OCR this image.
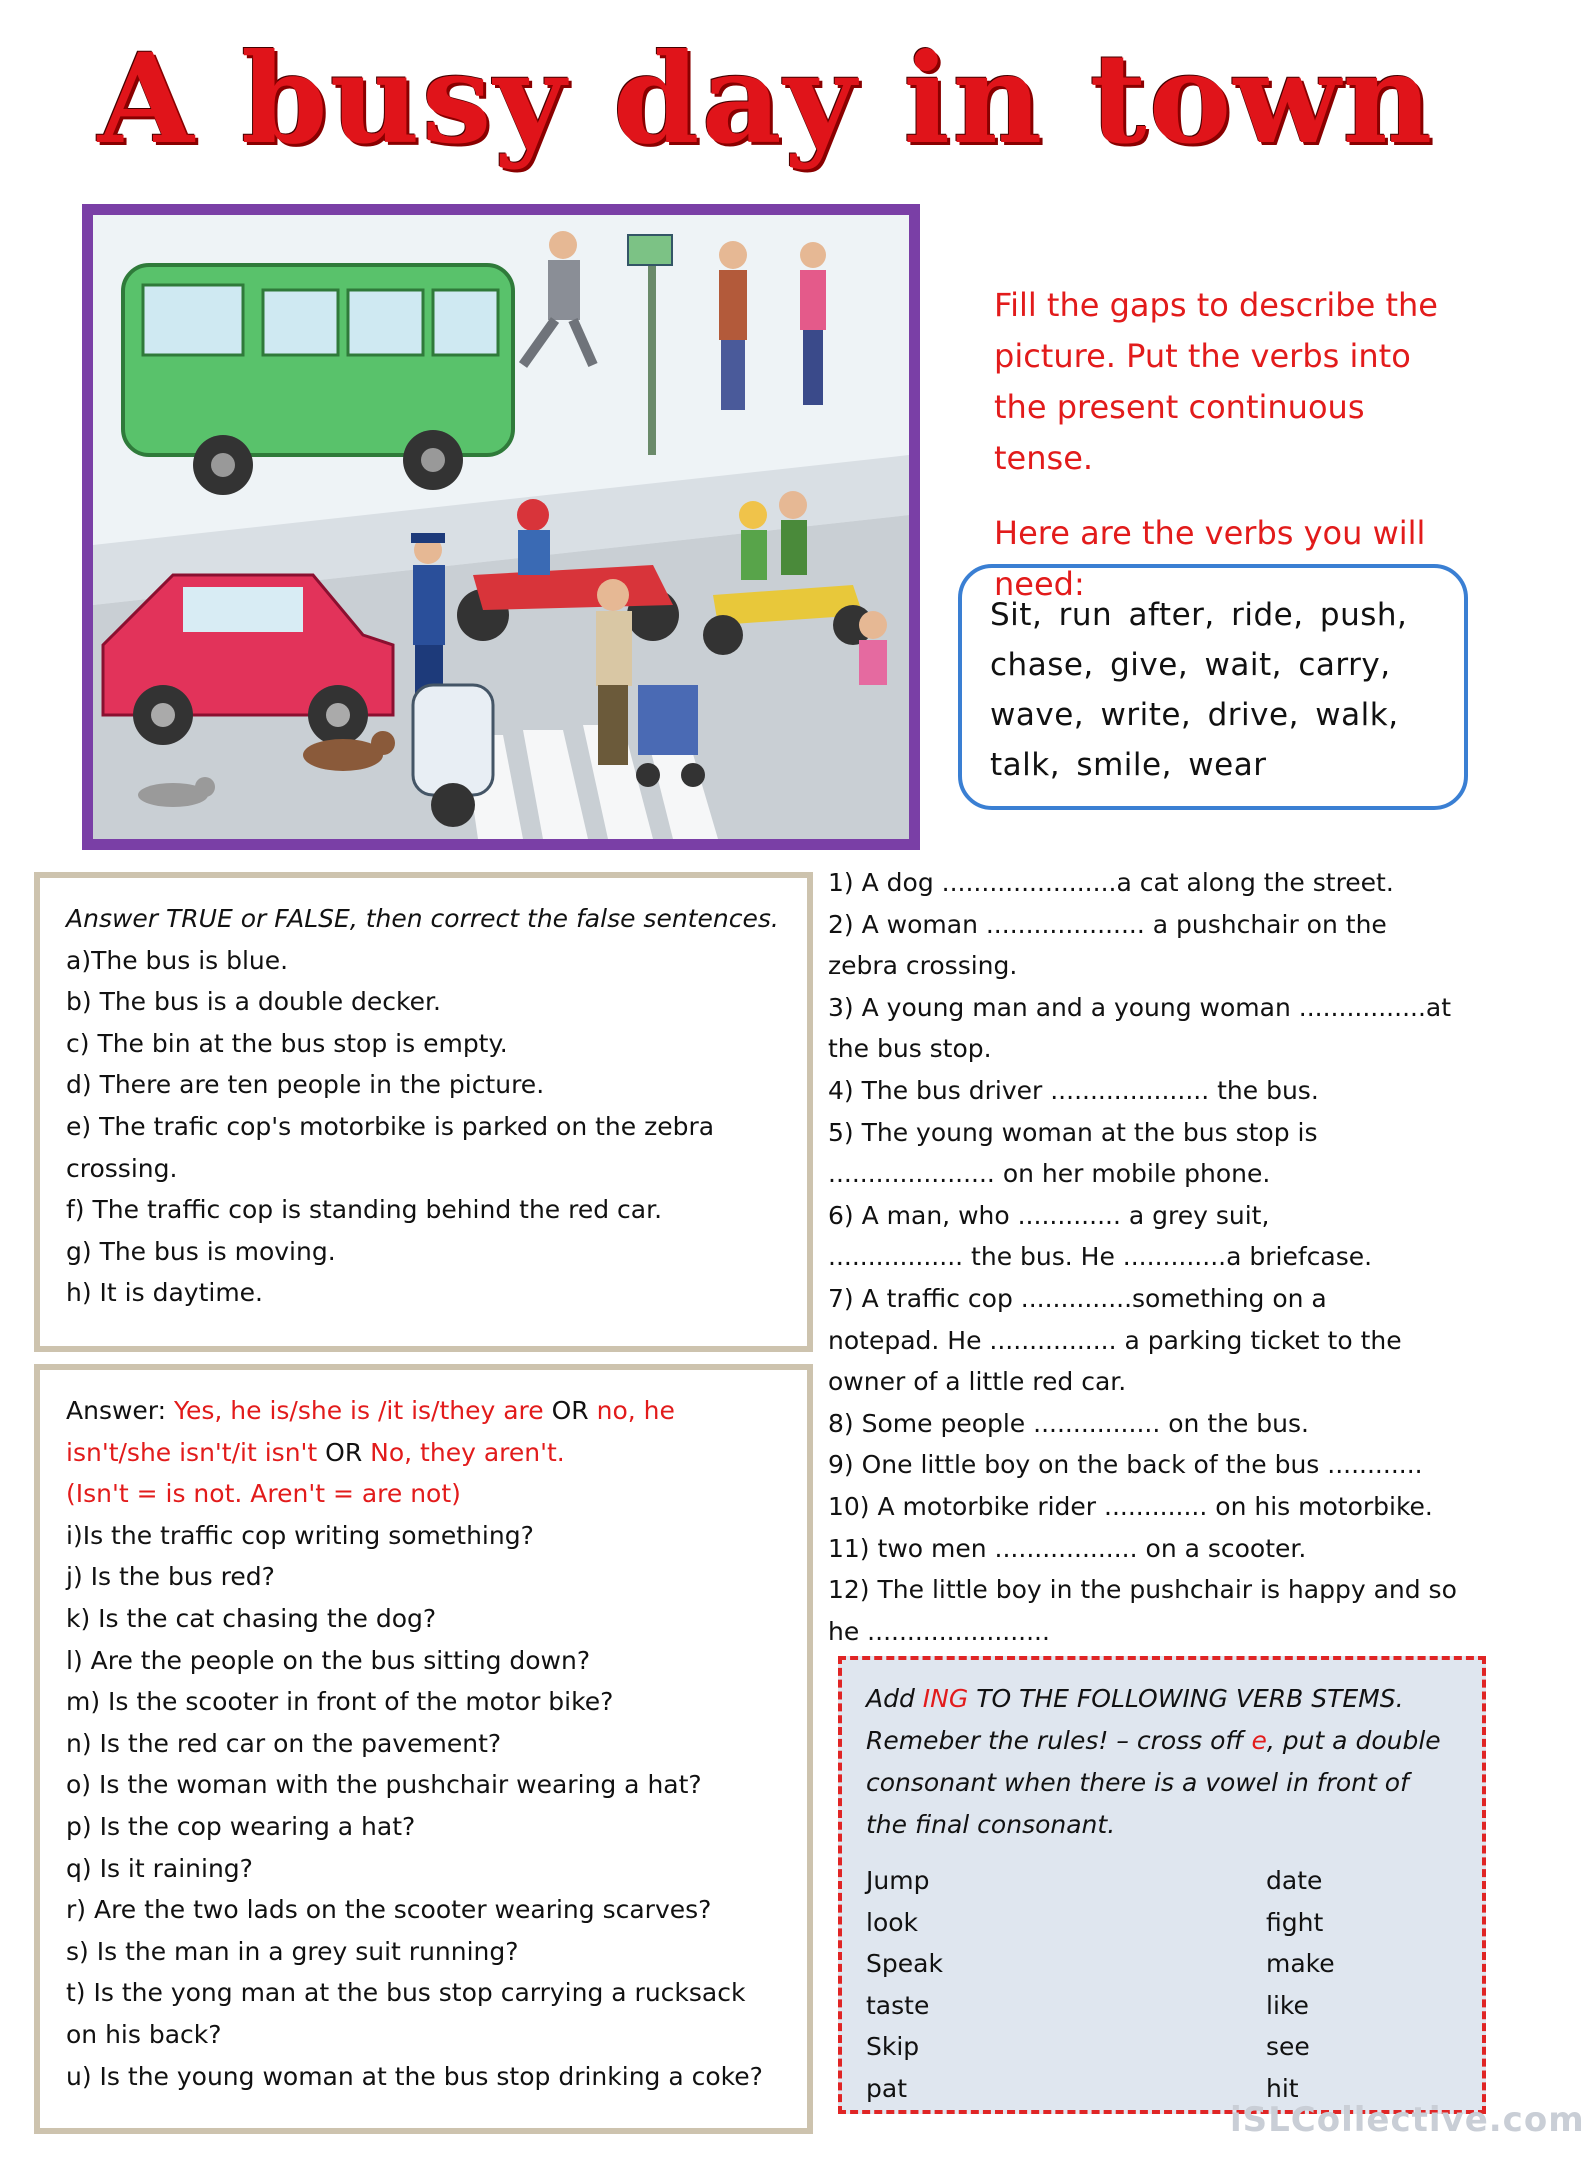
A busy day in town

Fill the gaps to describe the picture. Put the verbs into the present continuous tense.

Here are the verbs you will need:

Sit, run after, ride, push, chase, give, wait, carry, wave, write, drive, walk, talk, smile, wear
Answer TRUE or FALSE, then correct the false sentences.
a)The bus is blue.
b) The bus is a double decker.
c) The bin at the bus stop is empty.
d) There are ten people in the picture.
e) The trafic cop's motorbike is parked on the zebra
crossing.
f) The traffic cop is standing behind the red car.
g) The bus is moving.
h) It is daytime.
Answer: Yes, he is/she is /it is/they are OR no, he
isn't/she isn't/it isn't OR No, they aren't.
(Isn't = is not. Aren't = are not)
i)Is the traffic cop writing something?
j) Is the bus red?
k) Is the cat chasing the dog?
l) Are the people on the bus sitting down?
m) Is the scooter in front of the motor bike?
n) Is the red car on the pavement?
o) Is the woman with the pushchair wearing a hat?
p) Is the cop wearing a hat?
q) Is it raining?
r) Are the two lads on the scooter wearing scarves?
s) Is the man in a grey suit running?
t) Is the yong man at the bus stop carrying a rucksack
on his back?
u) Is the young woman at the bus stop drinking a coke?
1) A dog ......................a cat along the street.
2) A woman .................... a pushchair on the
zebra crossing.
3) A young man and a young woman ................at
the bus stop.
4) The bus driver .................... the bus.
5) The young woman at the bus stop is
..................... on her mobile phone.
6) A man, who ............. a grey suit,
................. the bus. He .............a briefcase.
7) A traffic cop ..............something on a
notepad. He ................ a parking ticket to the
owner of a little red car.
8) Some people ................ on the bus.
9) One little boy on the back of the bus ............
10) A motorbike rider ............. on his motorbike.
11) two men .................. on a scooter.
12) The little boy in the pushchair is happy and so
he .......................
Add ING TO THE FOLLOWING VERB STEMS.
Remeber the rules! – cross off e, put a double
consonant when there is a vowel in front of
the final consonant.
Jump	date
look	fight
Speak	make
taste	like
Skip	see
pat	hit
iSLCollective.com
